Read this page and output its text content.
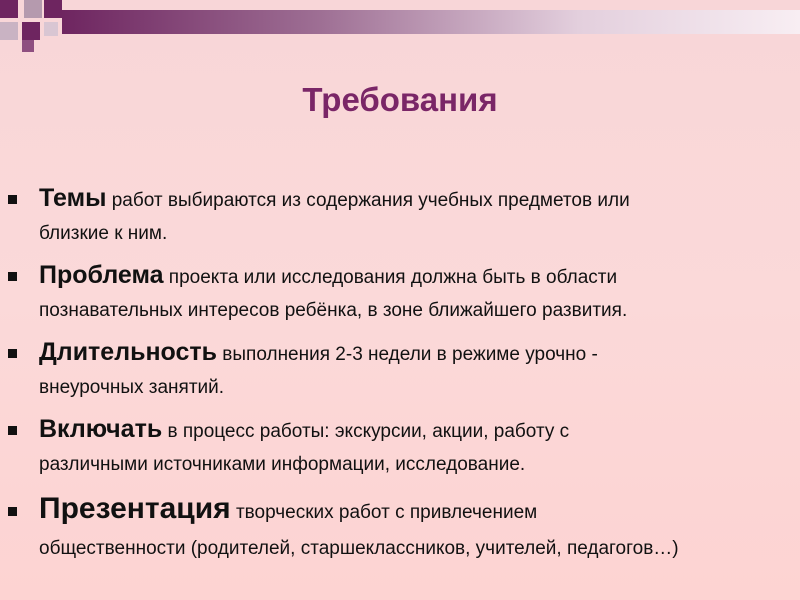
Требования
Темы работ выбираются из содержания учебных предметов или
близкие к ним.
Проблема проекта или исследования должна быть в области
познавательных интересов ребёнка, в зоне ближайшего развития.
Длительность выполнения 2-3 недели в режиме урочно -
внеурочных занятий.
Включать в процесс работы: экскурсии, акции, работу с
различными источниками информации, исследование.
Презентация творческих работ с привлечением
общественности (родителей, старшеклассников, учителей, педагогов…)
